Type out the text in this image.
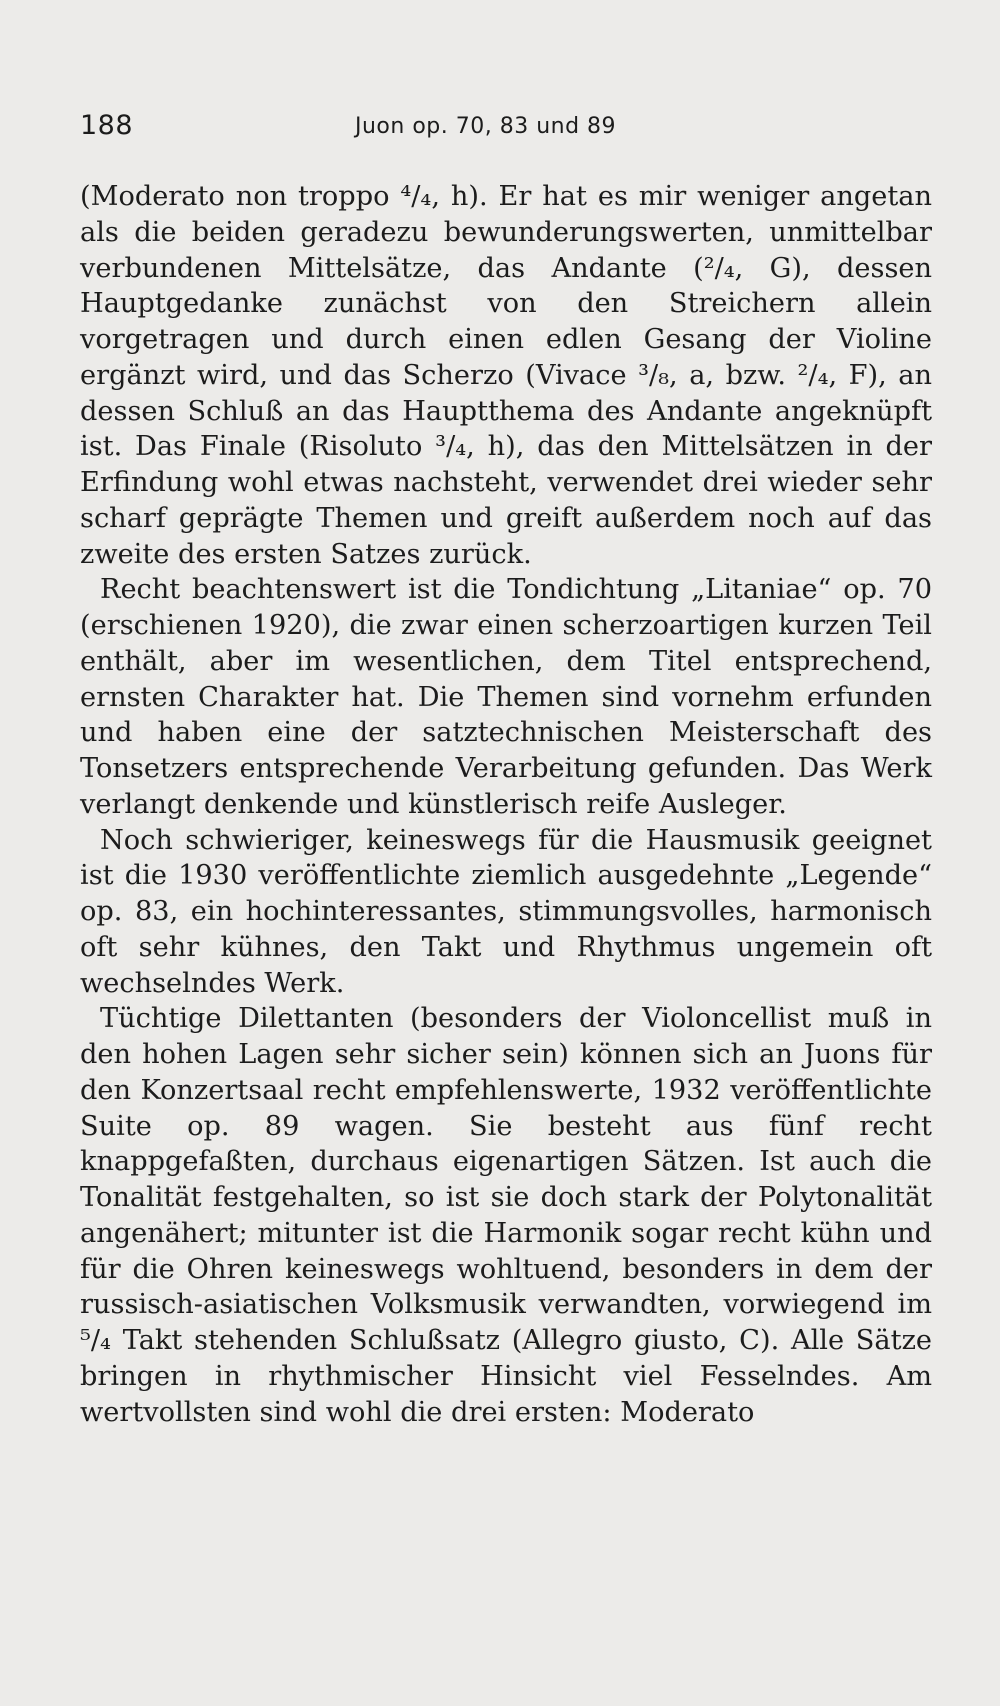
188	Juon op. 70, 83 und 89

(Moderato non troppo ⁴/₄, h). Er hat es mir weniger angetan als die beiden geradezu bewunderungswerten, unmittelbar verbundenen Mittelsätze, das Andante (²/₄, G), dessen Hauptgedanke zunächst von den Streichern allein vorgetragen und durch einen edlen Gesang der Violine ergänzt wird, und das Scherzo (Vivace ³/₈, a, bzw. ²/₄, F), an dessen Schluß an das Hauptthema des Andante angeknüpft ist. Das Finale (Risoluto ³/₄, h), das den Mittelsätzen in der Erfindung wohl etwas nachsteht, verwendet drei wieder sehr scharf geprägte Themen und greift außerdem noch auf das zweite des ersten Satzes zurück.

Recht beachtenswert ist die Tondichtung „Litaniae“ op. 70 (erschienen 1920), die zwar einen scherzoartigen kurzen Teil enthält, aber im wesentlichen, dem Titel entsprechend, ernsten Charakter hat. Die Themen sind vornehm erfunden und haben eine der satztechnischen Meisterschaft des Tonsetzers entsprechende Verarbeitung gefunden. Das Werk verlangt denkende und künstlerisch reife Ausleger.

Noch schwieriger, keineswegs für die Hausmusik geeignet ist die 1930 veröffentlichte ziemlich ausgedehnte „Legende“ op. 83, ein hochinteressantes, stimmungsvolles, harmonisch oft sehr kühnes, den Takt und Rhythmus ungemein oft wechselndes Werk.

Tüchtige Dilettanten (besonders der Violoncellist muß in den hohen Lagen sehr sicher sein) können sich an Juons für den Konzertsaal recht empfehlenswerte, 1932 veröffentlichte Suite op. 89 wagen. Sie besteht aus fünf recht knappgefaßten, durchaus eigenartigen Sätzen. Ist auch die Tonalität festgehalten, so ist sie doch stark der Polytonalität angenähert; mitunter ist die Harmonik sogar recht kühn und für die Ohren keineswegs wohltuend, besonders in dem der russisch-asiatischen Volksmusik verwandten, vorwiegend im ⁵/₄ Takt stehenden Schlußsatz (Allegro giusto, C). Alle Sätze bringen in rhythmischer Hinsicht viel Fesselndes. Am wertvollsten sind wohl die drei ersten: Moderato
